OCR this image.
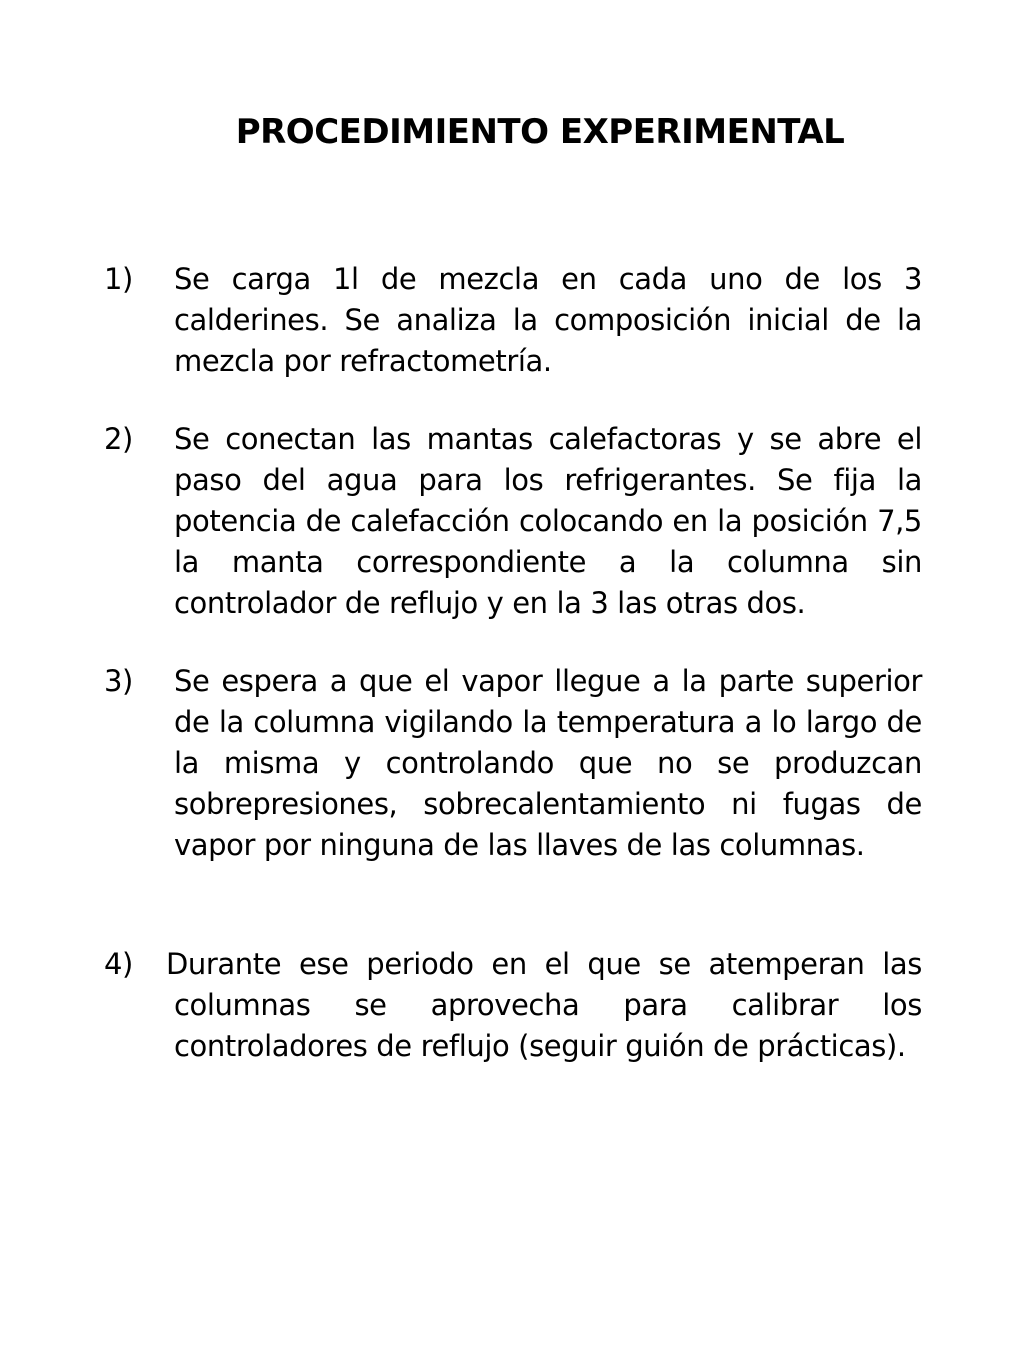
PROCEDIMIENTO EXPERIMENTAL
1) Se carga 1l de mezcla en cada uno de los 3 calderines. Se analiza la composición inicial de la mezcla por refractometría.
2) Se conectan las mantas calefactoras y se abre el paso del agua para los refrigerantes. Se fija la potencia de calefacción colocando en la posición 7,5 la manta correspondiente a la columna sin controlador de reflujo y en la 3 las otras dos.
3) Se espera a que el vapor llegue a la parte superior de la columna vigilando la temperatura a lo largo de la misma y controlando que no se produzcan sobrepresiones, sobrecalentamiento ni fugas de vapor por ninguna de las llaves de las columnas.
4) Durante ese periodo en el que se atemperan las columnas se aprovecha para calibrar los controladores de reflujo (seguir guión de prácticas).
